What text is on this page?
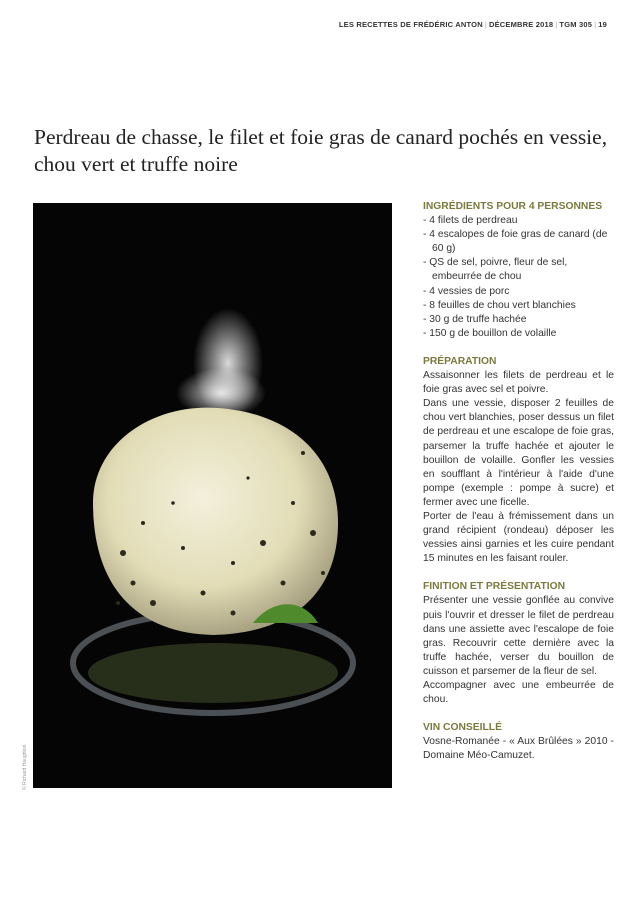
LES RECETTES DE FRÉDÉRIC ANTON | DÉCEMBRE 2018 | TGM 305 | 19
Perdreau de chasse, le filet et foie gras de canard pochés en vessie, chou vert et truffe noire
© Richard Haughton
INGRÉDIENTS POUR 4 PERSONNES
- 4 filets de perdreau
- 4 escalopes de foie gras de canard (de 60 g)
- QS de sel, poivre, fleur de sel, embeurrée de chou
- 4 vessies de porc
- 8 feuilles de chou vert blanchies
- 30 g de truffe hachée
- 150 g de bouillon de volaille
PRÉPARATION

Assaisonner les filets de perdreau et le foie gras avec sel et poivre.

Dans une vessie, disposer 2 feuilles de chou vert blanchies, poser dessus un filet de perdreau et une escalope de foie gras, parsemer la truffe hachée et ajouter le bouillon de volaille. Gonfler les vessies en soufflant à l'intérieur à l'aide d'une pompe (exemple : pompe à sucre) et fermer avec une ficelle.

Porter de l'eau à frémissement dans un grand récipient (rondeau) déposer les vessies ainsi garnies et les cuire pendant 15 minutes en les faisant rouler.

FINITION ET PRÉSENTATION

Présenter une vessie gonflée au convive puis l'ouvrir et dresser le filet de perdreau dans une assiette avec l'escalope de foie gras. Recouvrir cette dernière avec la truffe hachée, verser du bouillon de cuisson et parsemer de la fleur de sel.

Accompagner avec une embeurrée de chou.

VIN CONSEILLÉ

Vosne-Romanée - « Aux Brûlées » 2010 - Domaine Méo-Camuzet.
